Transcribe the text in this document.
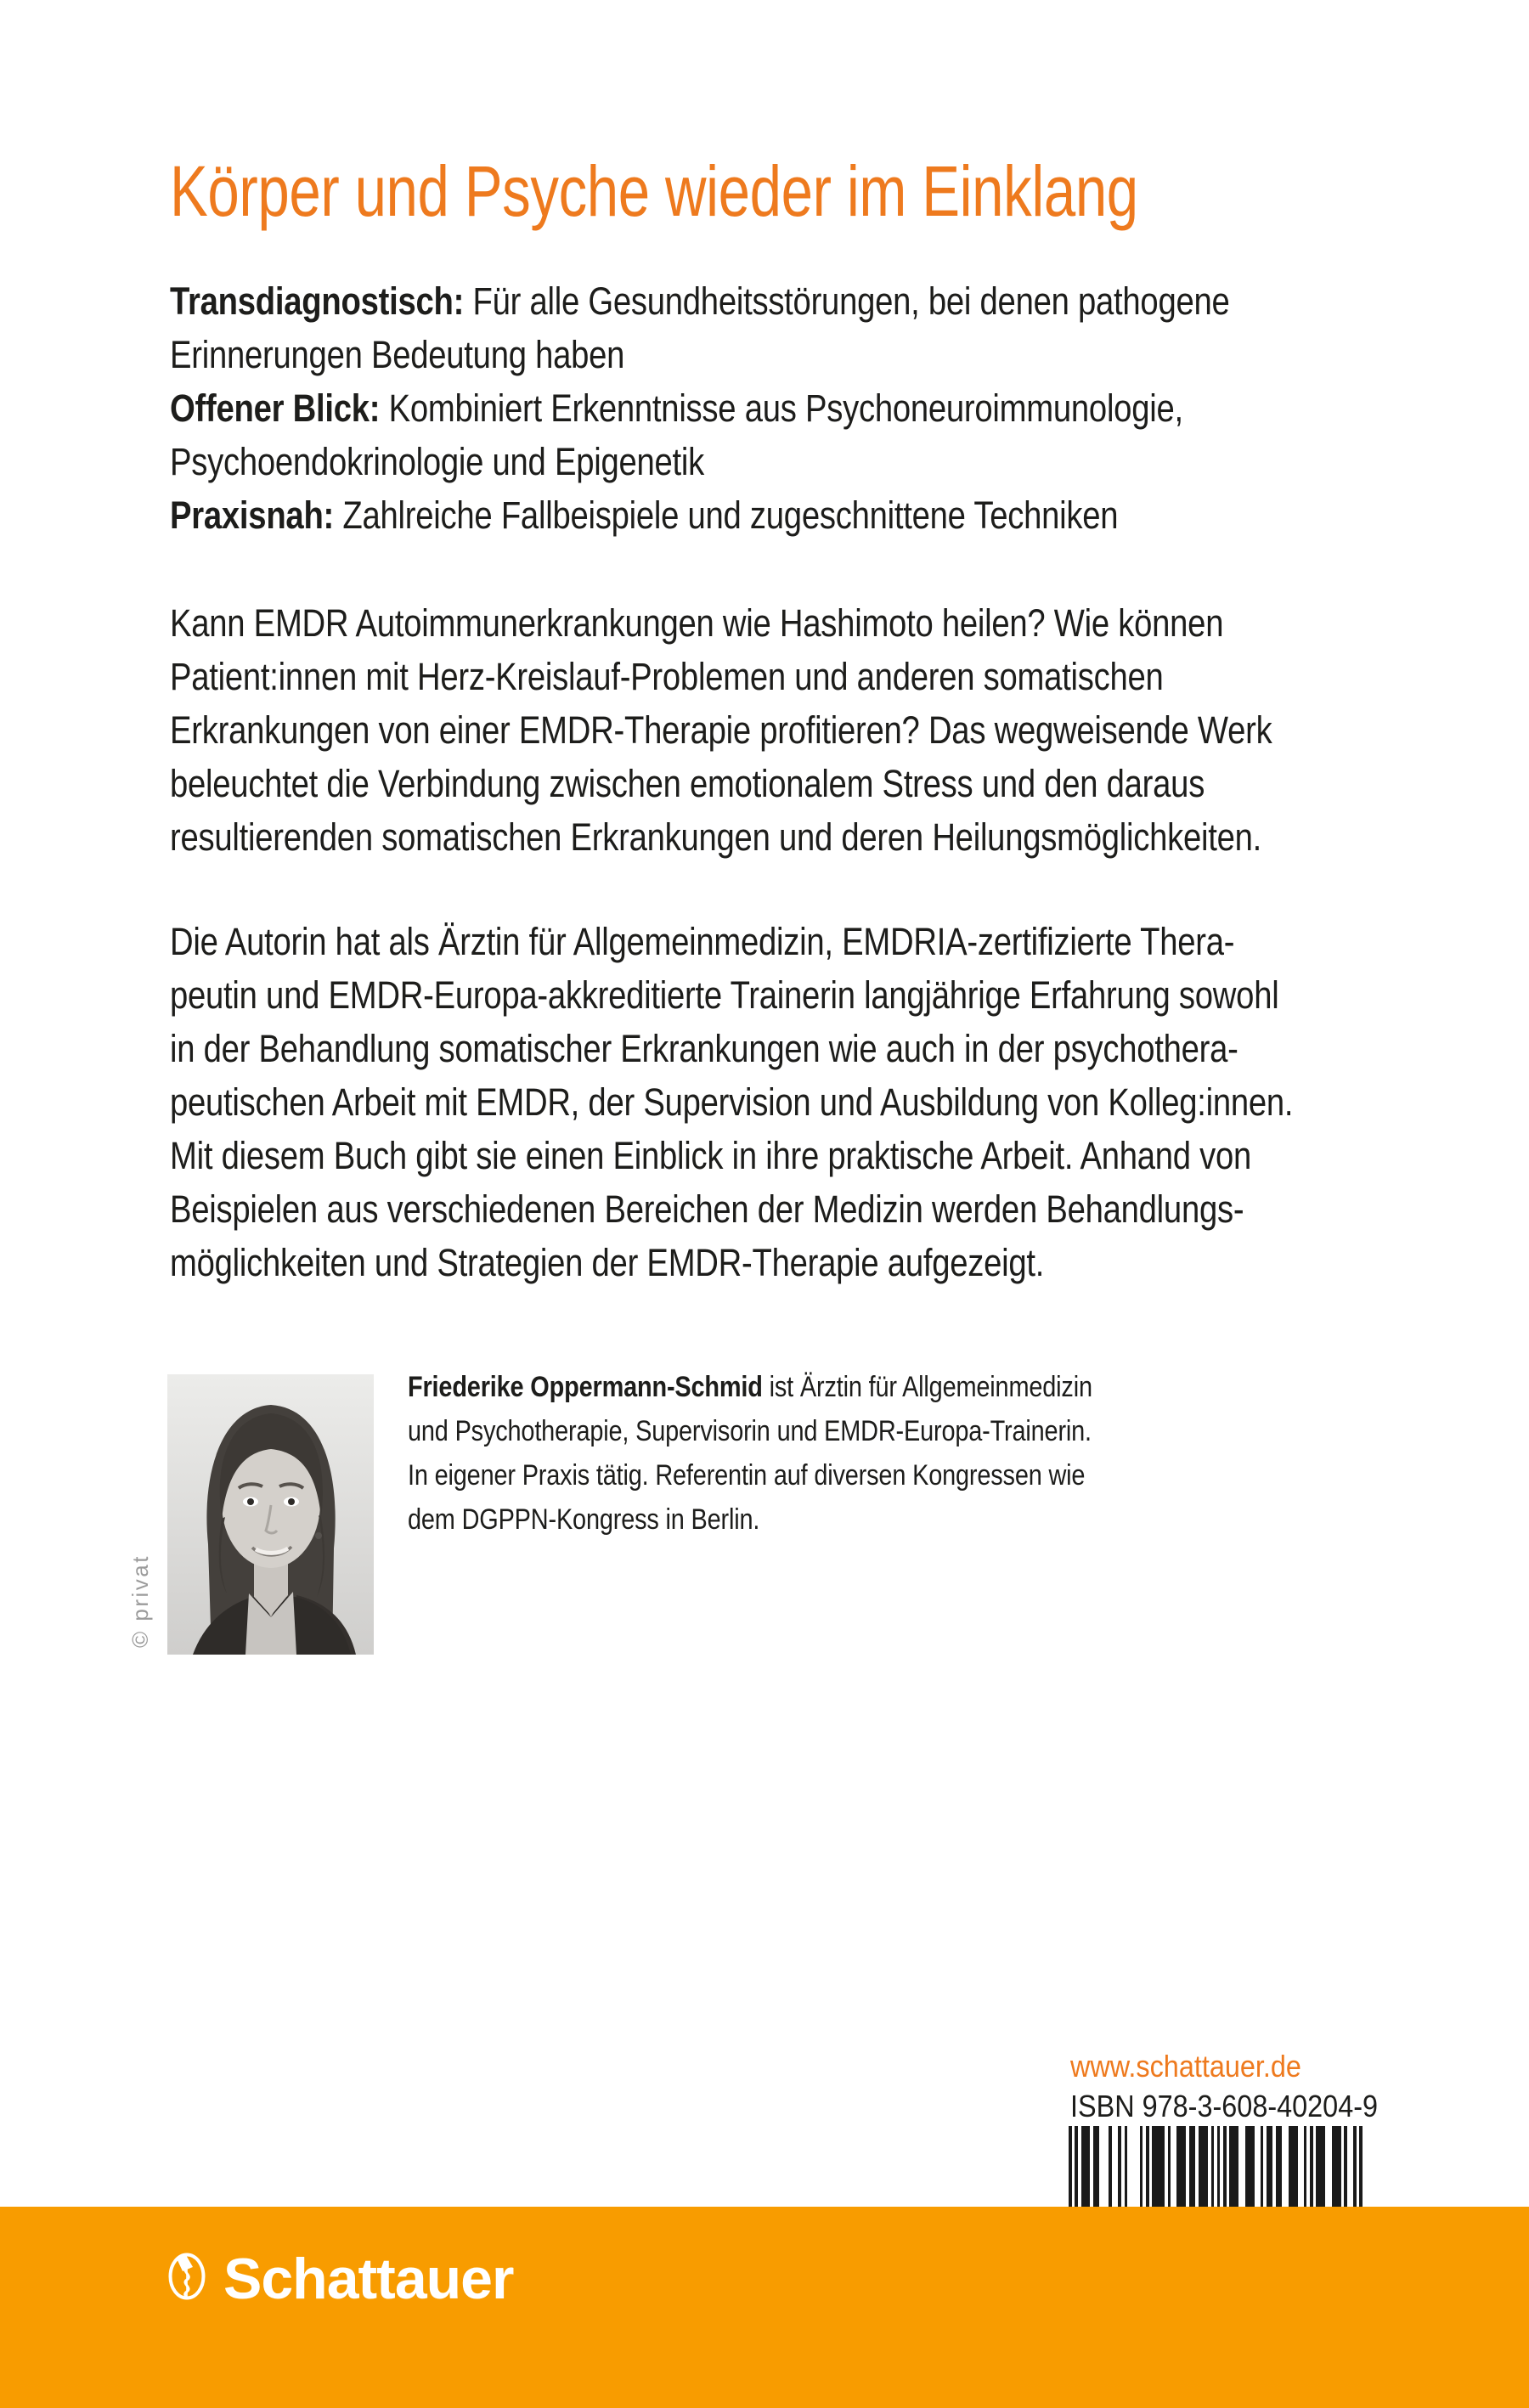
Körper und Psyche wieder im Einklang

Transdiagnostisch: Für alle Gesundheitsstörungen, bei denen pathogene
Erinnerungen Bedeutung haben

Offener Blick: Kombiniert Erkenntnisse aus Psychoneuroimmunologie,
Psychoendokrinologie und Epigenetik

Praxisnah: Zahlreiche Fallbeispiele und zugeschnittene Techniken

Kann EMDR Autoimmunerkrankungen wie Hashimoto heilen? Wie können
Patient:innen mit Herz-Kreislauf-Problemen und anderen somatischen
Erkrankungen von einer EMDR-Therapie profitieren? Das wegweisende Werk
beleuchtet die Verbindung zwischen emotionalem Stress und den daraus
resultierenden somatischen Erkrankungen und deren Heilungsmöglichkeiten.
Die Autorin hat als Ärztin für Allgemeinmedizin, EMDRIA-zertifizierte Thera-
peutin und EMDR-Europa-akkreditierte Trainerin langjährige Erfahrung sowohl
in der Behandlung somatischer Erkrankungen wie auch in der psychothera-
peutischen Arbeit mit EMDR, der Supervision und Ausbildung von Kolleg:innen.
Mit diesem Buch gibt sie einen Einblick in ihre praktische Arbeit. Anhand von
Beispielen aus verschiedenen Bereichen der Medizin werden Behandlungs-
möglichkeiten und Strategien der EMDR-Therapie aufgezeigt.
© privat
Friederike Oppermann-Schmid ist Ärztin für Allgemeinmedizin
und Psychotherapie, Supervisorin und EMDR-Europa-Trainerin.
In eigener Praxis tätig. Referentin auf diversen Kongressen wie
dem DGPPN-Kongress in Berlin.
www.schattauer.de
ISBN 978-3-608-40204-9
Schattauer
